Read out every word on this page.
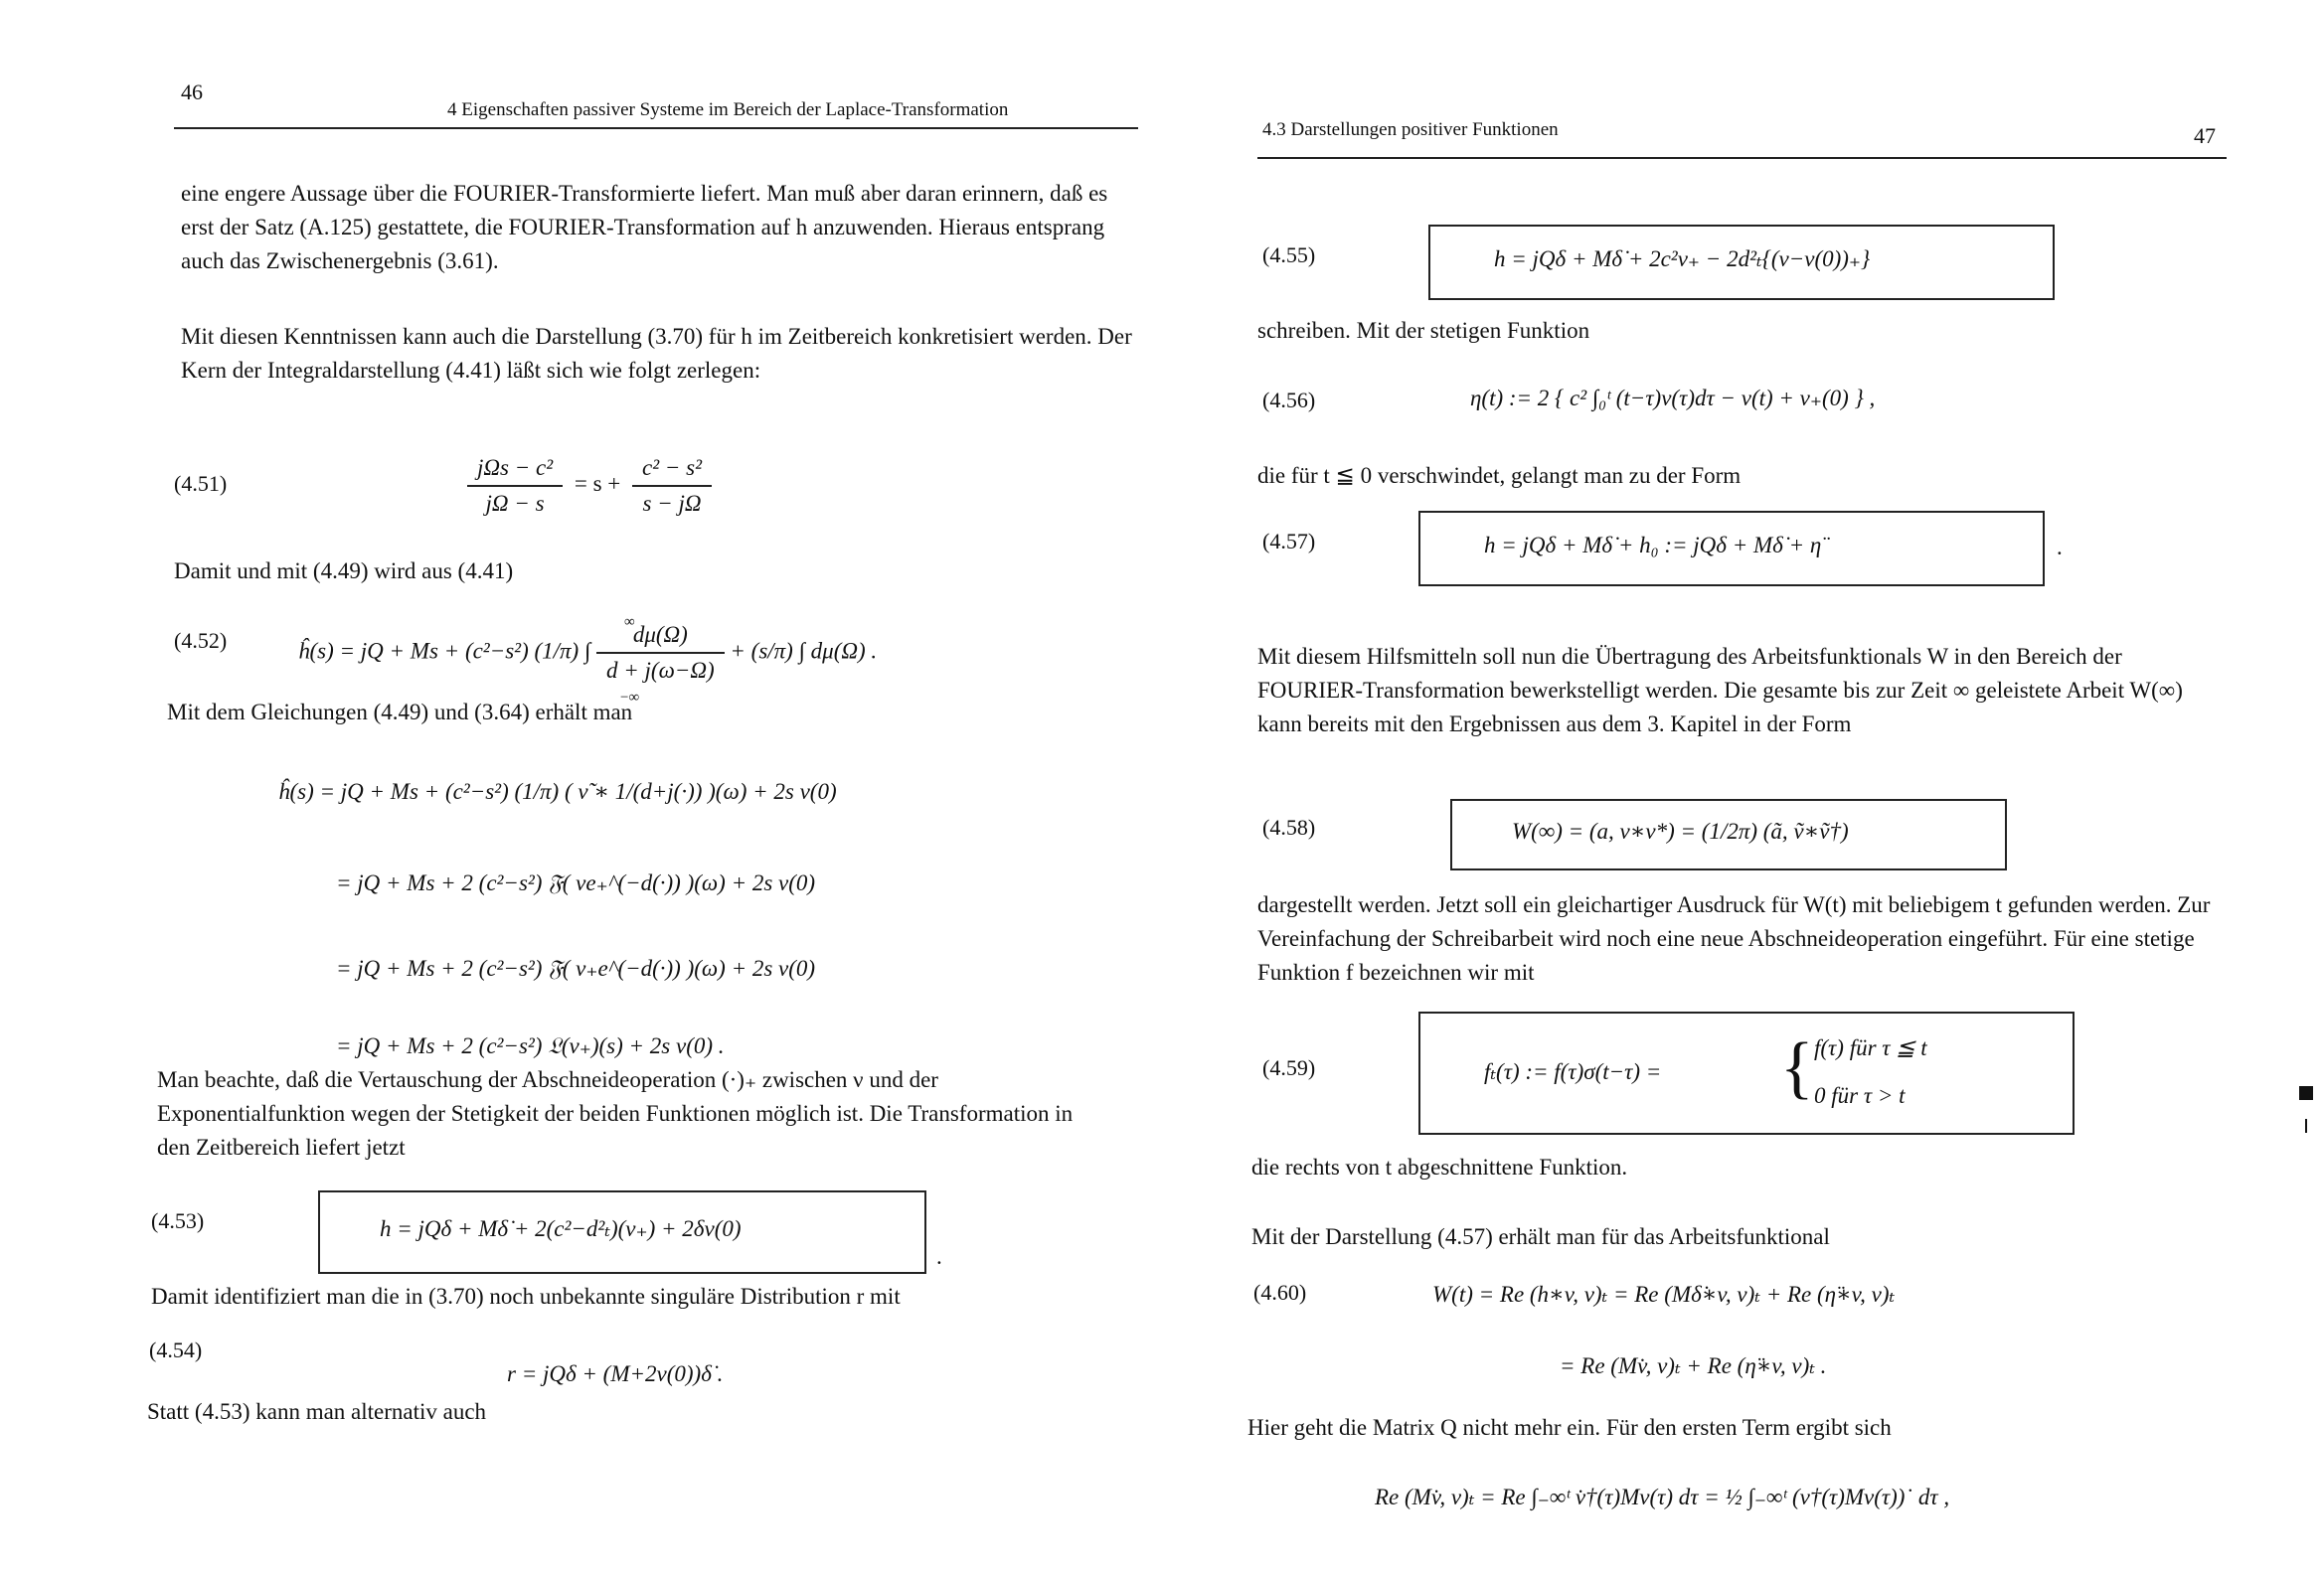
46
4 Eigenschaften passiver Systeme im Bereich der Laplace-Transformation

eine engere Aussage über die FOURIER-Transformierte liefert. Man muß aber daran erinnern, daß es erst der Satz (A.125) gestattete, die FOURIER-Transformation auf h anzuwenden. Hieraus entsprang auch das Zwischenergebnis (3.61).

Mit diesen Kenntnissen kann auch die Darstellung (3.70) für h im Zeitbereich konkretisiert werden. Der Kern der Integraldarstellung (4.41) läßt sich wie folgt zerlegen:

(4.51)	$\frac{\text{jΩs − c²}}{j\Omega - s} = s + \frac{\text{c² − s²}}{s - j\Omega}$

Damit und mit (4.49) wird aus (4.41)

(4.52)	ĥ(s) = jQ + Ms + (c²−s²) (1/π) ∫ $\frac{d\mu(\Omega)}{d + j(\omega-\Omega)} + (s/\pi)$ ∫ dμ(Ω) .
∞
−∞

Mit dem Gleichungen (4.49) und (3.64) erhält man

ĥ(s) = jQ + Ms + (c²−s²) (1/π) ( ν̃ ∗ 1/(d+j(·)) )(ω) + 2s ν(0)
= jQ + Ms + 2 (c²−s²) 𝔉( νe₊^(−d(·)) )(ω) + 2s ν(0)
= jQ + Ms + 2 (c²−s²) 𝔉( ν₊e^(−d(·)) )(ω) + 2s ν(0)
= jQ + Ms + 2 (c²−s²) 𝔏(ν₊)(s) + 2s ν(0) .

Man beachte, daß die Vertauschung der Abschneideoperation (·)₊ zwischen ν und der Exponentialfunktion wegen der Stetigkeit der beiden Funktionen möglich ist. Die Transformation in den Zeitbereich liefert jetzt

(4.53)	h = jQδ + Mδ̇ + 2(c²−d²ₜ)(ν₊) + 2δν(0)
.

Damit identifiziert man die in (3.70) noch unbekannte singuläre Distribution r mit

(4.54)
r = jQδ + (M+2ν(0))δ̇ .

Statt (4.53) kann man alternativ auch

4.3 Darstellungen positiver Funktionen	47
(4.55)	h = jQδ + Mδ̇ + 2c²ν₊ − 2d²ₜ{(ν−ν(0))₊}

schreiben. Mit der stetigen Funktion

(4.56)	η(t) := 2 { c² ∫₀ᵗ (t−τ)ν(τ)dτ − ν(t) + ν₊(0) } ,

die für t ≦ 0 verschwindet, gelangt man zu der Form

(4.57)	h = jQδ + Mδ̇ + h₀ := jQδ + Mδ̇ + η̈	.

Mit diesem Hilfsmitteln soll nun die Übertragung des Arbeitsfunktionals W in den Bereich der FOURIER-Transformation bewerkstelligt werden. Die gesamte bis zur Zeit ∞ geleistete Arbeit W(∞) kann bereits mit den Ergebnissen aus dem 3. Kapitel in der Form

(4.58)	W(∞) = (a, v∗v*) = (1/2π) (ã, ṽ∗ṽ†)

dargestellt werden. Jetzt soll ein gleichartiger Ausdruck für W(t) mit beliebigem t gefunden werden. Zur Vereinfachung der Schreibarbeit wird noch eine neue Abschneideoperation eingeführt. Für eine stetige Funktion f bezeichnen wir mit

(4.59)	fₜ(τ) := f(τ)σ(t−τ) = { f(τ) für τ ≦ t
0 für τ > t

die rechts von t abgeschnittene Funktion.

Mit der Darstellung (4.57) erhält man für das Arbeitsfunktional

(4.60)	W(t) = Re (h∗v, v)ₜ = Re (Mδ̇∗v, v)ₜ + Re (η̈∗v, v)ₜ
= Re (Mv̇, v)ₜ + Re (η̈∗v, v)ₜ .

Hier geht die Matrix Q nicht mehr ein. Für den ersten Term ergibt sich

Re (Mv̇, v)ₜ = Re ∫₋∞ᵗ v̇†(τ)Mv(τ) dτ = ½ ∫₋∞ᵗ (v†(τ)Mv(τ))˙ dτ ,
